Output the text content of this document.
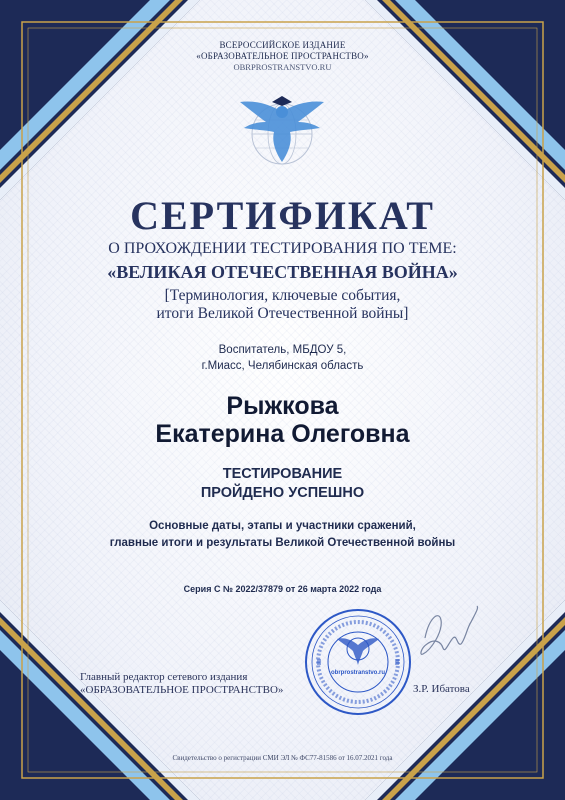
ВСЕРОССИЙСКОЕ ИЗДАНИЕ
«ОБРАЗОВАТЕЛЬНОЕ ПРОСТРАНСТВО»
OBRPROSTRANSTVO.RU
СЕРТИФИКАТ
О ПРОХОЖДЕНИИ ТЕСТИРОВАНИЯ ПО ТЕМЕ:
«ВЕЛИКАЯ ОТЕЧЕСТВЕННАЯ ВОЙНА»
[Терминология, ключевые события,
итоги Великой Отечественной войны]
Воспитатель, МБДОУ 5,
г.Миасс, Челябинская область
Рыжкова
Екатерина Олеговна
ТЕСТИРОВАНИЕ
ПРОЙДЕНО УСПЕШНО
Основные даты, этапы и участники сражений,
главные итоги и результаты Великой Отечественной войны
Серия С № 2022/37879 от 26 марта 2022 года
Главный редактор сетевого издания
«ОБРАЗОВАТЕЛЬНОЕ ПРОСТРАНСТВО»
obrprostranstvo.ru
З.Р. Ибатова
Свидетельство о регистрации СМИ ЭЛ № ФС77-81586 от 16.07.2021 года
